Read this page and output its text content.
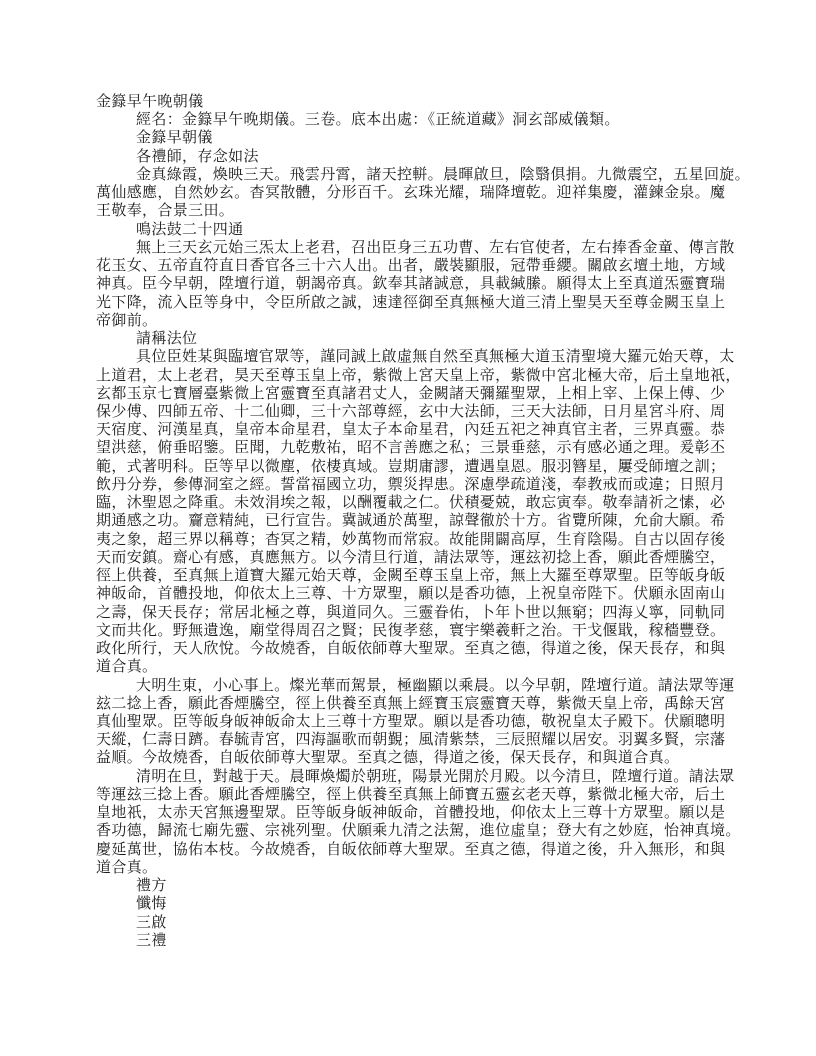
金籙早午晚朝儀
經名：金籙早午晚期儀。三卷。底本出處：《正統道藏》洞玄部威儀類。
金籙早朝儀
各禮師，存念如法
金真綠霞，煥映三天。飛雲丹霄，諸天控軿。晨暉啟旦，陰翳俱捐。九微震空，五星回旋。
萬仙感應，自然妙玄。杳冥散體，分形百千。玄珠光耀，瑞降壇乾。迎祥集慶，灌鍊金泉。魔
王敬奉，合景三田。
鳴法鼓二十四通
無上三天玄元始三炁太上老君，召出臣身三五功曹、左右官使者，左右捧香金童、傳言散
花玉女、五帝直符直日香官各三十六人出。出者，嚴裝顯服，冠帶垂纓。關啟玄壇土地，方域
神真。臣今早朝，陞壇行道，朝謁帝真。欽奉其諸誠意，具載緘縢。願得太上至真道炁靈寶瑞
光下降，流入臣等身中，令臣所啟之誠，速達徑御至真無極大道三清上聖昊天至尊金闕玉皇上
帝御前。
請稱法位
具位臣姓某與臨壇官眾等，謹同誠上啟虛無自然至真無極大道玉清聖境大羅元始天尊，太
上道君，太上老君，昊天至尊玉皇上帝，紫微上宮天皇上帝，紫微中宮北極大帝，后土皇地祇，
玄都玉京七寶層臺紫微上宮靈寶至真諸君丈人，金闕諸天彌羅聖眾，上相上宰、上保上傅、少
保少傅、四師五帝、十二仙卿，三十六部尊經，玄中大法師，三天大法師，日月星宮斗府、周
天宿度、河漢星真，皇帝本命星君，皇太子本命星君，內廷五祀之神真官主者，三界真靈。恭
望洪慈，俯垂昭鑒。臣聞，九乾敷祐，昭不言善應之私；三景垂慈，示有感必通之理。爰彰丕
範，式著明科。臣等早以微塵，依棲真域。豈期庸謬，遭遇皇恩。服羽簪星，屢受師壇之訓；
飲丹分券，參傳洞室之經。誓當福國立功，禦災捍患。深慮學疏道淺，奉教戒而或違；日照月
臨，沐聖恩之降重。未效涓埃之報，以酬覆載之仁。伏積憂兢，敢忘寅奉。敬奉請祈之愫，必
期通感之功。齎意精純，已行宣告。冀誠通於萬聖，諒聲徹於十方。省覽所陳，允俞大願。希
夷之象，超三界以稱尊；杳冥之精，妙萬物而常寂。故能開闢高厚，生育陰陽。自古以固存後
天而安鎮。齋心有感，真應無方。以今清旦行道，請法眾等，運玆初捻上香，願此香煙騰空，
徑上供養，至真無上道寶大羅元始天尊，金闕至尊玉皇上帝，無上大羅至尊眾聖。臣等皈身皈
神皈命，首體投地，仰依太上三尊、十方眾聖，願以是香功德，上祝皇帝陛下。伏願永固南山
之壽，保天長存；常居北極之尊，與道同久。三靈眷佑，卜年卜世以無窮；四海乂寧，同軌同
文而共化。野無遺逸，廟堂得周召之賢；民復孝慈，寰宇樂羲軒之治。干戈偃戢，稼穡豐登。
政化所行，天人欣悅。今故燒香，自皈依師尊大聖眾。至真之德，得道之後，保天長存，和與
道合真。
大明生東，小心事上。燦光華而駕景，極幽顯以乘晨。以今早朝，陞壇行道。請法眾等運
玆二捻上香，願此香煙騰空，徑上供養至真無上經寶玉宸靈寶天尊，紫微天皇上帝，禹餘天宮
真仙聖眾。臣等皈身皈神皈命太上三尊十方聖眾。願以是香功德，敬祝皇太子殿下。伏願聰明
天縱，仁壽日躋。春毓青宮，四海謳歌而朝覲；風清紫禁，三辰照耀以居安。羽翼多賢，宗藩
益順。今故燒香，自皈依師尊大聖眾。至真之德，得道之後，保天長存，和與道合真。
清明在旦，對越于天。晨暉煥燭於朝班，陽景光開於月殿。以今清旦，陞壇行道。請法眾
等運玆三捻上香。願此香煙騰空，徑上供養至真無上師寶五靈玄老天尊，紫微北極大帝，后土
皇地祇，太赤天宮無邊聖眾。臣等皈身皈神皈命，首體投地，仰依太上三尊十方眾聖。願以是
香功德，歸流七廟先靈、宗祧列聖。伏願乘九清之法駕，進位虛皇；登大有之妙庭，怡神真境。
慶延萬世，協佑本枝。今故燒香，自皈依師尊大聖眾。至真之德，得道之後，升入無形，和與
道合真。
禮方
懺悔
三啟
三禮
